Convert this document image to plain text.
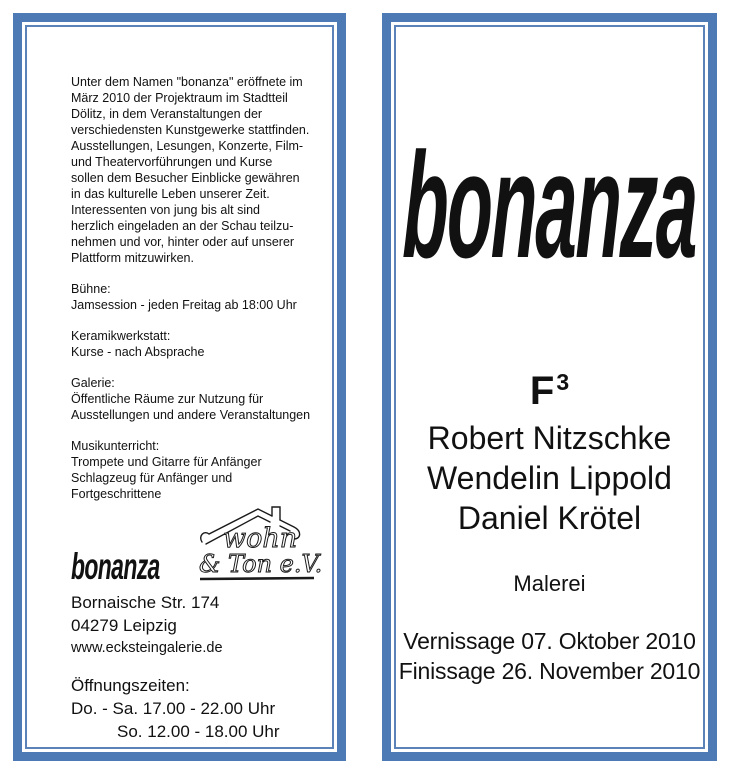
Unter dem Namen "bonanza" eröffnete im
März 2010 der Projektraum im Stadtteil
Dölitz, in dem Veranstaltungen der
verschiedensten Kunstgewerke stattfinden.
Ausstellungen, Lesungen, Konzerte, Film-
und Theatervorführungen und Kurse
sollen dem Besucher Einblicke gewähren
in das kulturelle Leben unserer Zeit.
Interessenten von jung bis alt sind
herzlich eingeladen an der Schau teilzu-
nehmen und vor, hinter oder auf unserer
Plattform mitzuwirken.
Bühne:
Jamsession - jeden Freitag ab 18:00 Uhr
Keramikwerkstatt:
Kurse - nach Absprache
Galerie:
Öffentliche Räume zur Nutzung für
Ausstellungen und andere Veranstaltungen
Musikunterricht:
Trompete und Gitarre für Anfänger
Schlagzeug für Anfänger und
Fortgeschrittene
bonanza
wohn
& Ton e.V.
Bornaische Str. 174
04279 Leipzig
www.ecksteingalerie.de
Öffnungszeiten:
Do. - Sa. 17.00 - 22.00 Uhr
So. 12.00 - 18.00 Uhr
bonanza
$F^3$
Robert Nitzschke
Wendelin Lippold
Daniel Krötel
Malerei
Vernissage 07. Oktober 2010
Finissage 26. November 2010
